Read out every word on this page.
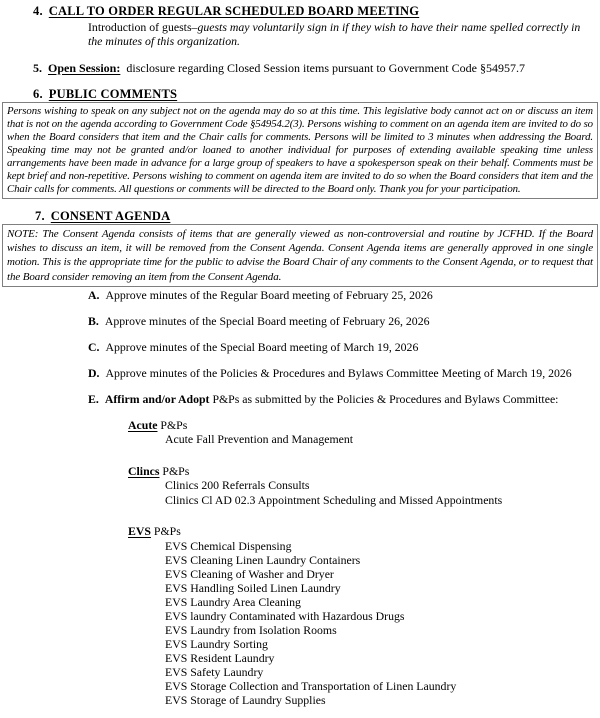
4. CALL TO ORDER REGULAR SCHEDULED BOARD MEETING

Introduction of guests–guests may voluntarily sign in if they wish to have their name spelled correctly in the minutes of this organization.

5. Open Session: disclosure regarding Closed Session items pursuant to Government Code §54957.7
6. PUBLIC COMMENTS
Persons wishing to speak on any subject not on the agenda may do so at this time. This legislative body cannot act on or discuss an item that is not on the agenda according to Government Code §54954.2(3). Persons wishing to comment on an agenda item are invited to do so when the Board considers that item and the Chair calls for comments. Persons will be limited to 3 minutes when addressing the Board. Speaking time may not be granted and/or loaned to another individual for purposes of extending available speaking time unless arrangements have been made in advance for a large group of speakers to have a spokesperson speak on their behalf. Comments must be kept brief and non-repetitive. Persons wishing to comment on agenda item are invited to do so when the Board considers that item and the Chair calls for comments. All questions or comments will be directed to the Board only. Thank you for your participation.
7. CONSENT AGENDA
NOTE: The Consent Agenda consists of items that are generally viewed as non-controversial and routine by JCFHD. If the Board wishes to discuss an item, it will be removed from the Consent Agenda. Consent Agenda items are generally approved in one single motion. This is the appropriate time for the public to advise the Board Chair of any comments to the Consent Agenda, or to request that the Board consider removing an item from the Consent Agenda.
A. Approve minutes of the Regular Board meeting of February 25, 2026
B. Approve minutes of the Special Board meeting of February 26, 2026
C. Approve minutes of the Special Board meeting of March 19, 2026
D. Approve minutes of the Policies & Procedures and Bylaws Committee Meeting of March 19, 2026
E. Affirm and/or Adopt P&Ps as submitted by the Policies & Procedures and Bylaws Committee:
Acute P&Ps
Acute Fall Prevention and Management
Clincs P&Ps
Clinics 200 Referrals Consults
Clinics Cl AD 02.3 Appointment Scheduling and Missed Appointments
EVS P&Ps
EVS Chemical Dispensing
EVS Cleaning Linen Laundry Containers
EVS Cleaning of Washer and Dryer
EVS Handling Soiled Linen Laundry
EVS Laundry Area Cleaning
EVS laundry Contaminated with Hazardous Drugs
EVS Laundry from Isolation Rooms
EVS Laundry Sorting
EVS Resident Laundry
EVS Safety Laundry
EVS Storage Collection and Transportation of Linen Laundry
EVS Storage of Laundry Supplies
